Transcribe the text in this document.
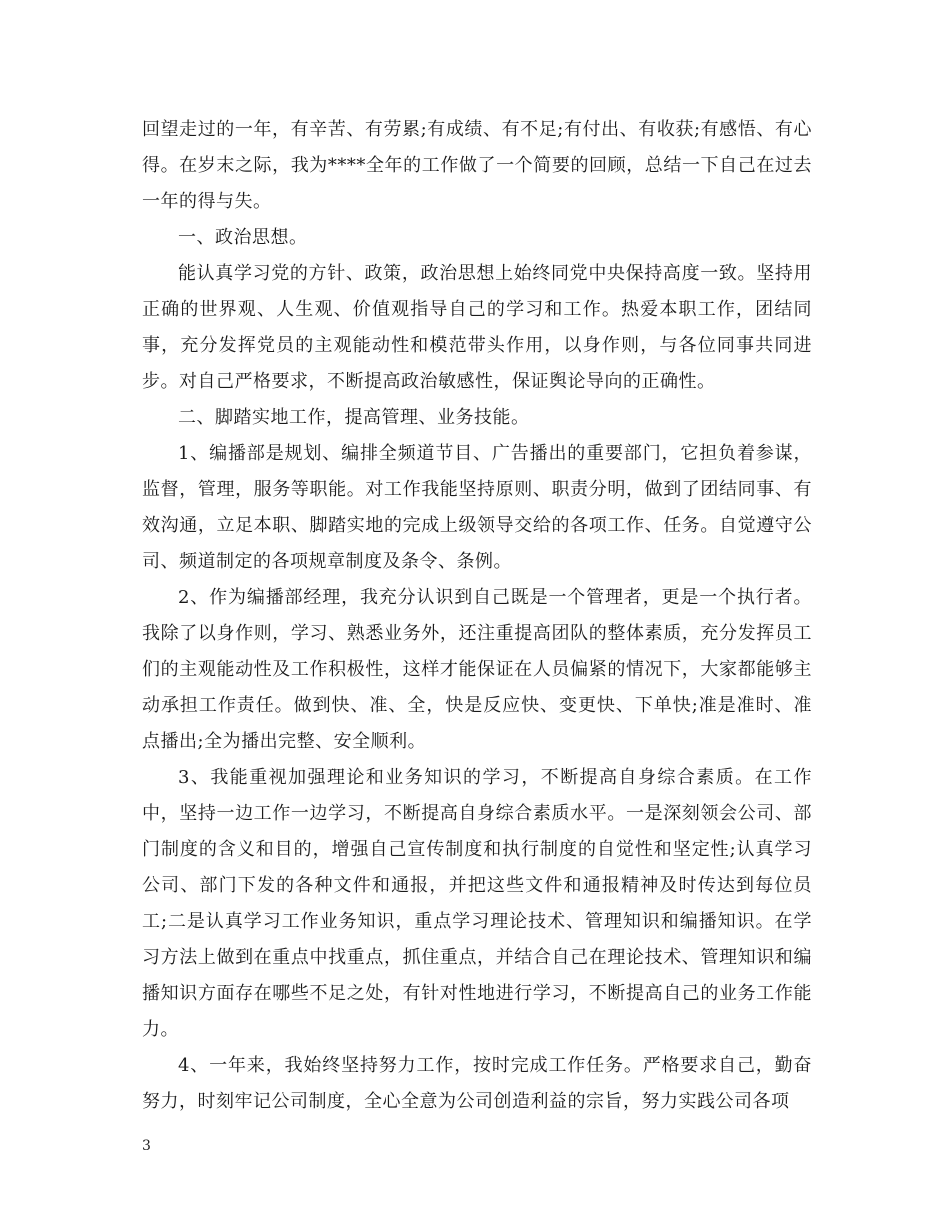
回望走过的一年，有辛苦、有劳累;有成绩、有不足;有付出、有收获;有感悟、有心得。在岁末之际，我为****全年的工作做了一个简要的回顾，总结一下自己在过去一年的得与失。

一、政治思想。

能认真学习党的方针、政策，政治思想上始终同党中央保持高度一致。坚持用正确的世界观、人生观、价值观指导自己的学习和工作。热爱本职工作，团结同事，充分发挥党员的主观能动性和模范带头作用，以身作则，与各位同事共同进步。对自己严格要求，不断提高政治敏感性，保证舆论导向的正确性。

二、脚踏实地工作，提高管理、业务技能。

1、编播部是规划、编排全频道节目、广告播出的重要部门，它担负着参谋，监督，管理，服务等职能。对工作我能坚持原则、职责分明，做到了团结同事、有效沟通，立足本职、脚踏实地的完成上级领导交给的各项工作、任务。自觉遵守公司、频道制定的各项规章制度及条令、条例。

2、作为编播部经理，我充分认识到自己既是一个管理者，更是一个执行者。我除了以身作则，学习、熟悉业务外，还注重提高团队的整体素质，充分发挥员工们的主观能动性及工作积极性，这样才能保证在人员偏紧的情况下，大家都能够主动承担工作责任。做到快、准、全，快是反应快、变更快、下单快;准是准时、准点播出;全为播出完整、安全顺利。

3、我能重视加强理论和业务知识的学习，不断提高自身综合素质。在工作中，坚持一边工作一边学习，不断提高自身综合素质水平。一是深刻领会公司、部门制度的含义和目的，增强自己宣传制度和执行制度的自觉性和坚定性;认真学习公司、部门下发的各种文件和通报，并把这些文件和通报精神及时传达到每位员工;二是认真学习工作业务知识，重点学习理论技术、管理知识和编播知识。在学习方法上做到在重点中找重点，抓住重点，并结合自己在理论技术、管理知识和编播知识方面存在哪些不足之处，有针对性地进行学习，不断提高自己的业务工作能力。

4、一年来，我始终坚持努力工作，按时完成工作任务。严格要求自己，勤奋努力，时刻牢记公司制度，全心全意为公司创造利益的宗旨，努力实践公司各项

3
